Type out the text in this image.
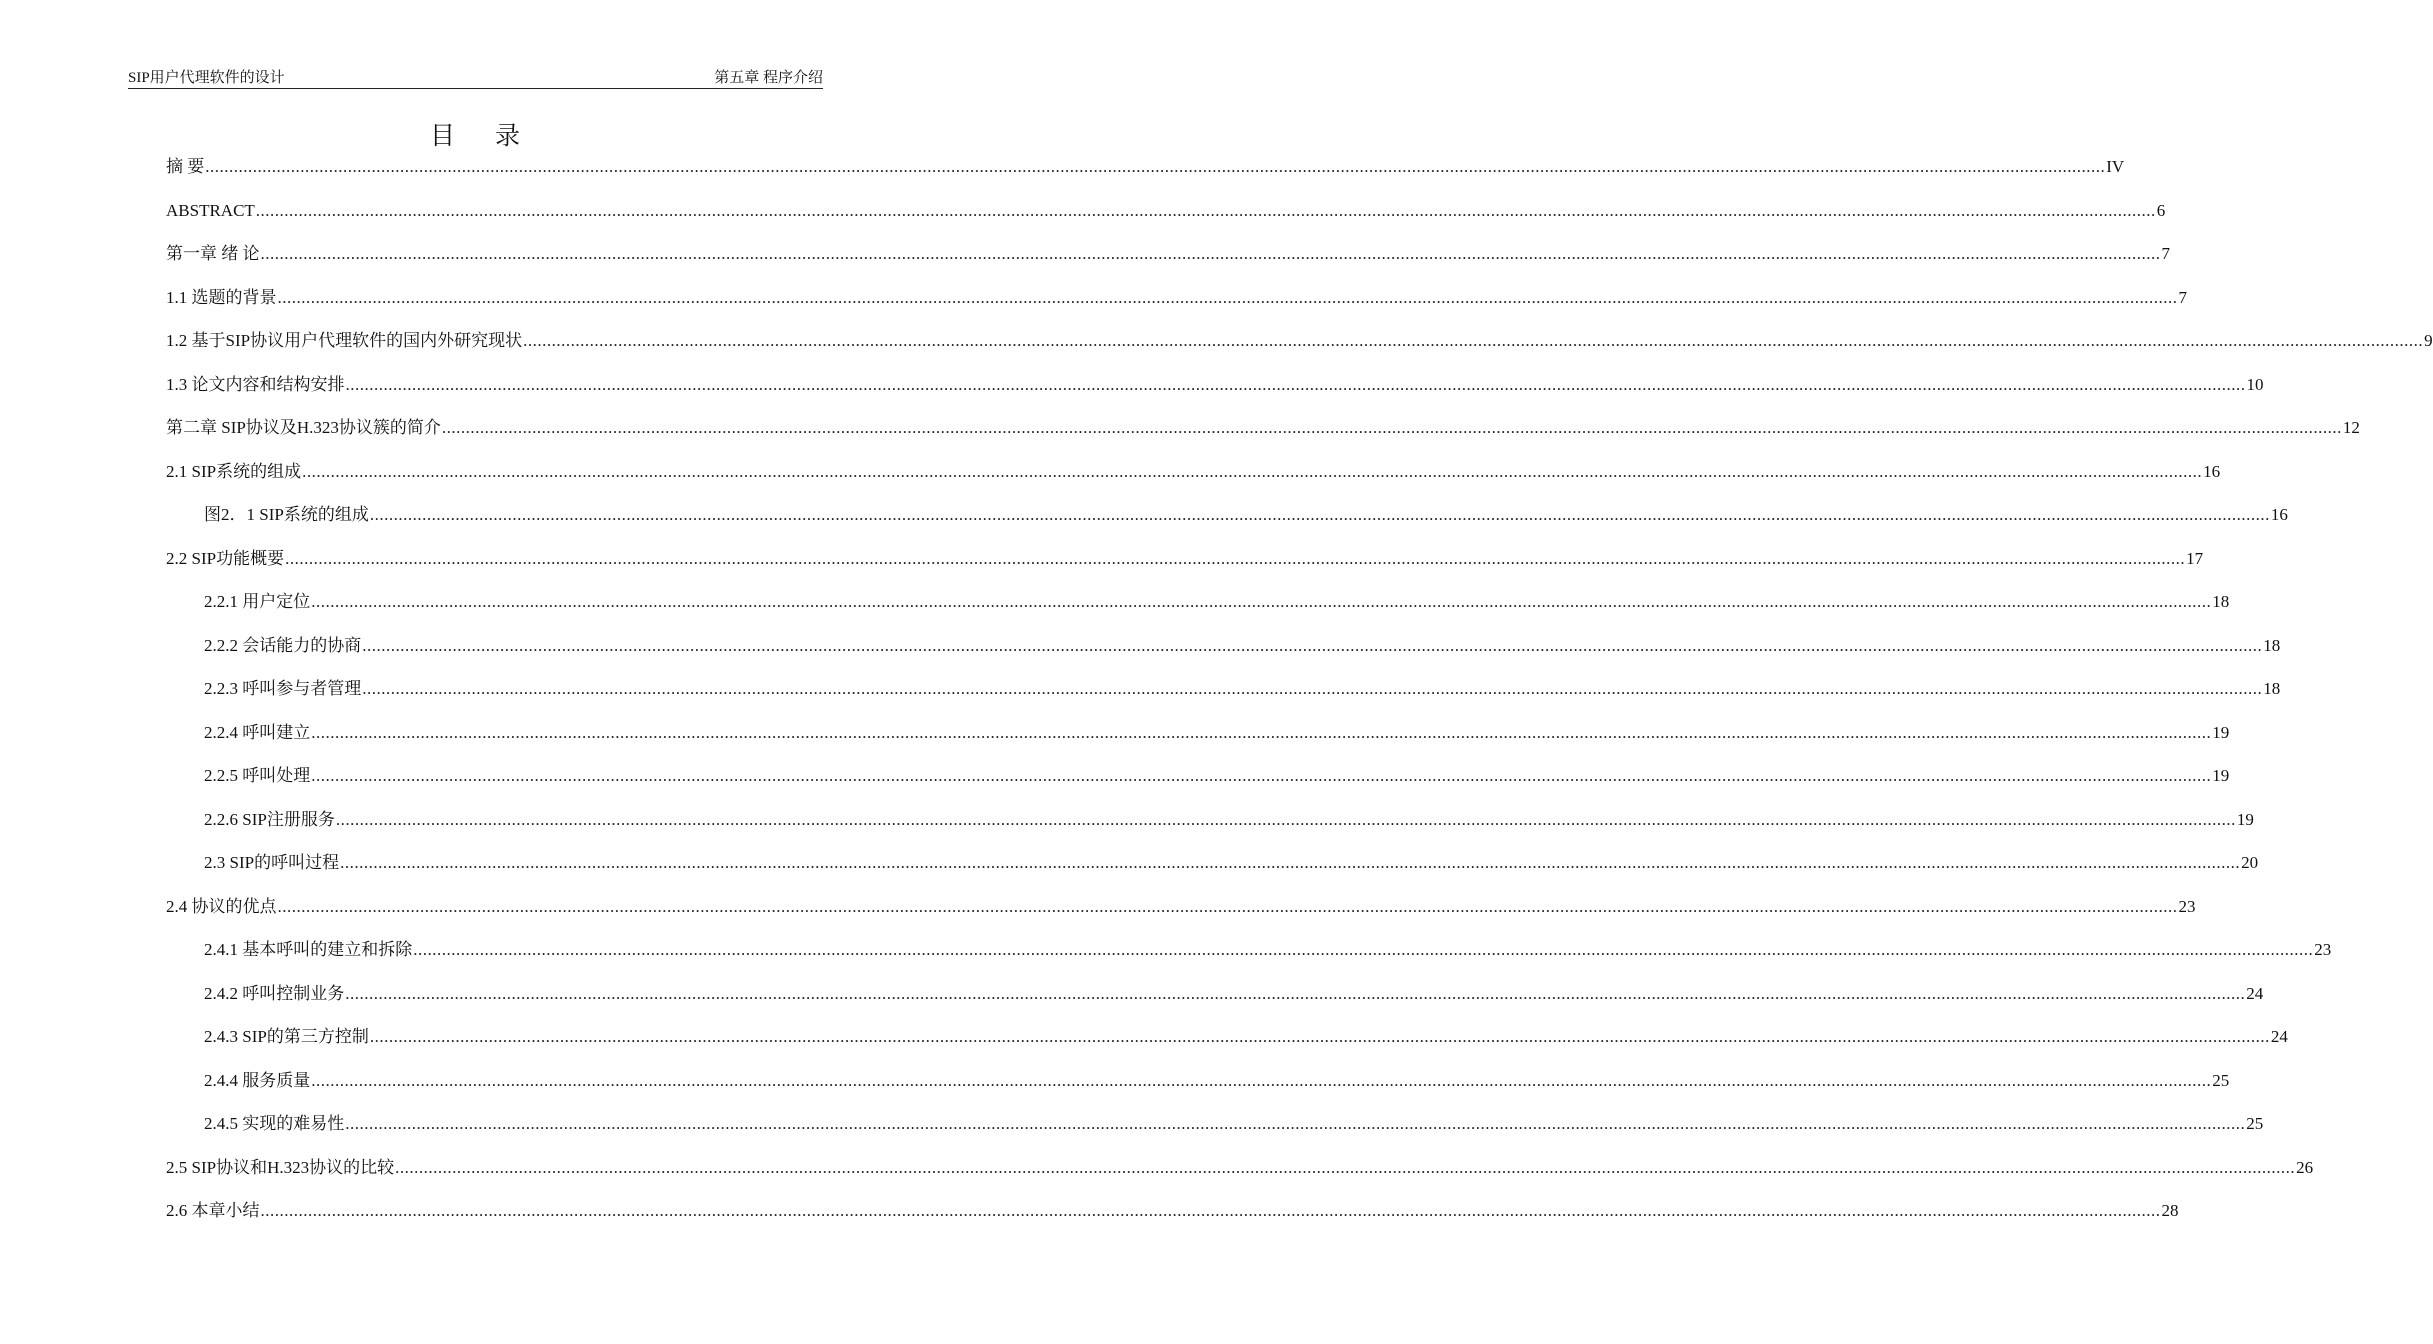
SIP用户代理软件的设计	第五章 程序介绍
目 录
摘 要 ................................................................................................................................................................................................................................................................................................................................................................................................................ IV
ABSTRACT ................................................................................................................................................................................................................................................................................................................................................................................................................ 6
第一章 绪 论 ................................................................................................................................................................................................................................................................................................................................................................................................................ 7
1.1 选题的背景 ................................................................................................................................................................................................................................................................................................................................................................................................................ 7
1.2 基于SIP协议用户代理软件的国内外研究现状 ................................................................................................................................................................................................................................................................................................................................................................................................................ 9
1.3 论文内容和结构安排 ................................................................................................................................................................................................................................................................................................................................................................................................................ 10
第二章 SIP协议及H.323协议簇的简介 ................................................................................................................................................................................................................................................................................................................................................................................................................ 12
2.1 SIP系统的组成 ................................................................................................................................................................................................................................................................................................................................................................................................................ 16
图2．1 SIP系统的组成 ................................................................................................................................................................................................................................................................................................................................................................................................................ 16
2.2 SIP功能概要 ................................................................................................................................................................................................................................................................................................................................................................................................................ 17
2.2.1 用户定位 ................................................................................................................................................................................................................................................................................................................................................................................................................ 18
2.2.2 会话能力的协商 ................................................................................................................................................................................................................................................................................................................................................................................................................ 18
2.2.3 呼叫参与者管理 ................................................................................................................................................................................................................................................................................................................................................................................................................ 18
2.2.4 呼叫建立 ................................................................................................................................................................................................................................................................................................................................................................................................................ 19
2.2.5 呼叫处理 ................................................................................................................................................................................................................................................................................................................................................................................................................ 19
2.2.6 SIP注册服务 ................................................................................................................................................................................................................................................................................................................................................................................................................ 19
2.3 SIP的呼叫过程 ................................................................................................................................................................................................................................................................................................................................................................................................................ 20
2.4 协议的优点 ................................................................................................................................................................................................................................................................................................................................................................................................................ 23
2.4.1 基本呼叫的建立和拆除 ................................................................................................................................................................................................................................................................................................................................................................................................................ 23
2.4.2 呼叫控制业务 ................................................................................................................................................................................................................................................................................................................................................................................................................ 24
2.4.3 SIP的第三方控制 ................................................................................................................................................................................................................................................................................................................................................................................................................ 24
2.4.4 服务质量 ................................................................................................................................................................................................................................................................................................................................................................................................................ 25
2.4.5 实现的难易性 ................................................................................................................................................................................................................................................................................................................................................................................................................ 25
2.5 SIP协议和H.323协议的比较 ................................................................................................................................................................................................................................................................................................................................................................................................................ 26
2.6 本章小结 ................................................................................................................................................................................................................................................................................................................................................................................................................ 28
